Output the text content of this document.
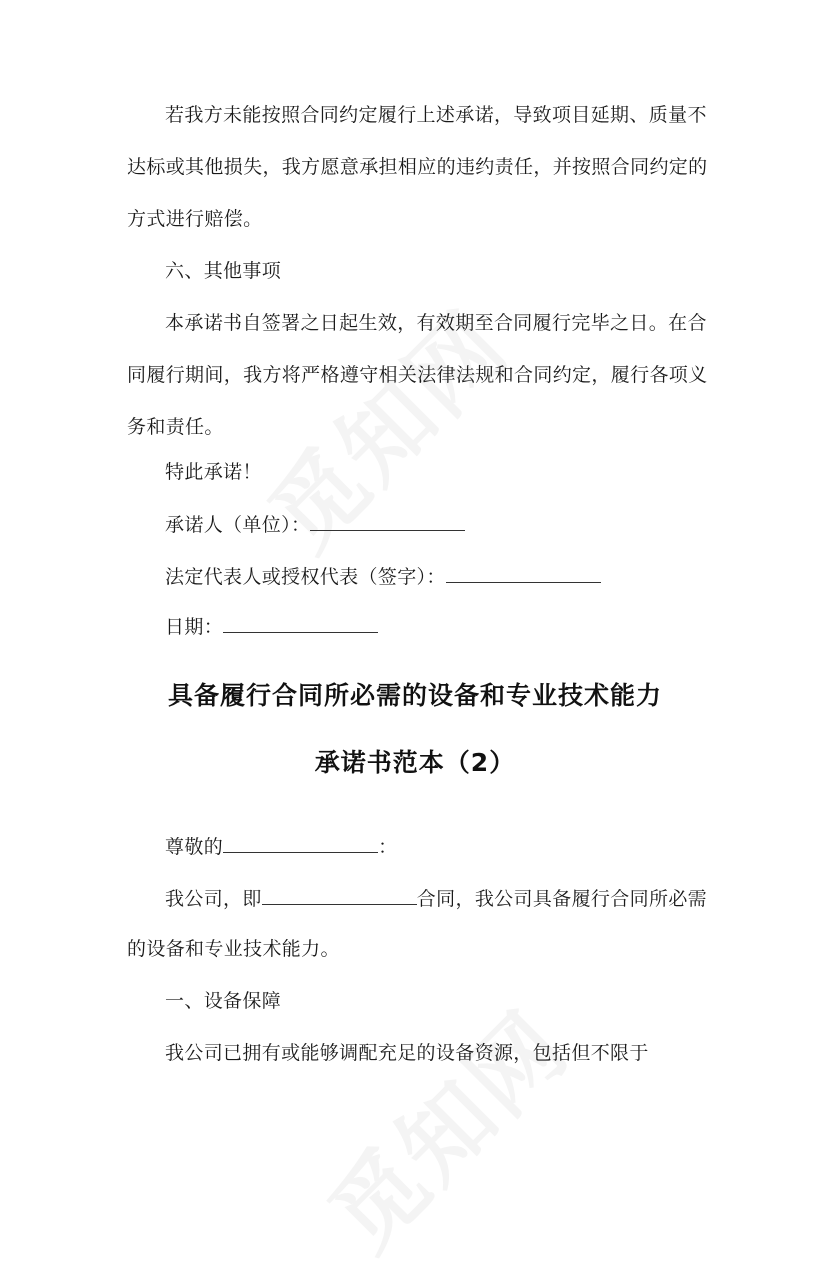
若我方未能按照合同约定履行上述承诺，导致项目延期、质量不
达标或其他损失，我方愿意承担相应的违约责任，并按照合同约定的
方式进行赔偿。
六、其他事项
本承诺书自签署之日起生效，有效期至合同履行完毕之日。在合
同履行期间，我方将严格遵守相关法律法规和合同约定，履行各项义
务和责任。
特此承诺！
承诺人（单位）：
法定代表人或授权代表（签字）：
日期：
具备履行合同所必需的设备和专业技术能力
承诺书范本（2）
尊敬的	：
我公司，即	合同，我公司具备履行合同所必需
的设备和专业技术能力。
一、设备保障
我公司已拥有或能够调配充足的设备资源，包括但不限于
